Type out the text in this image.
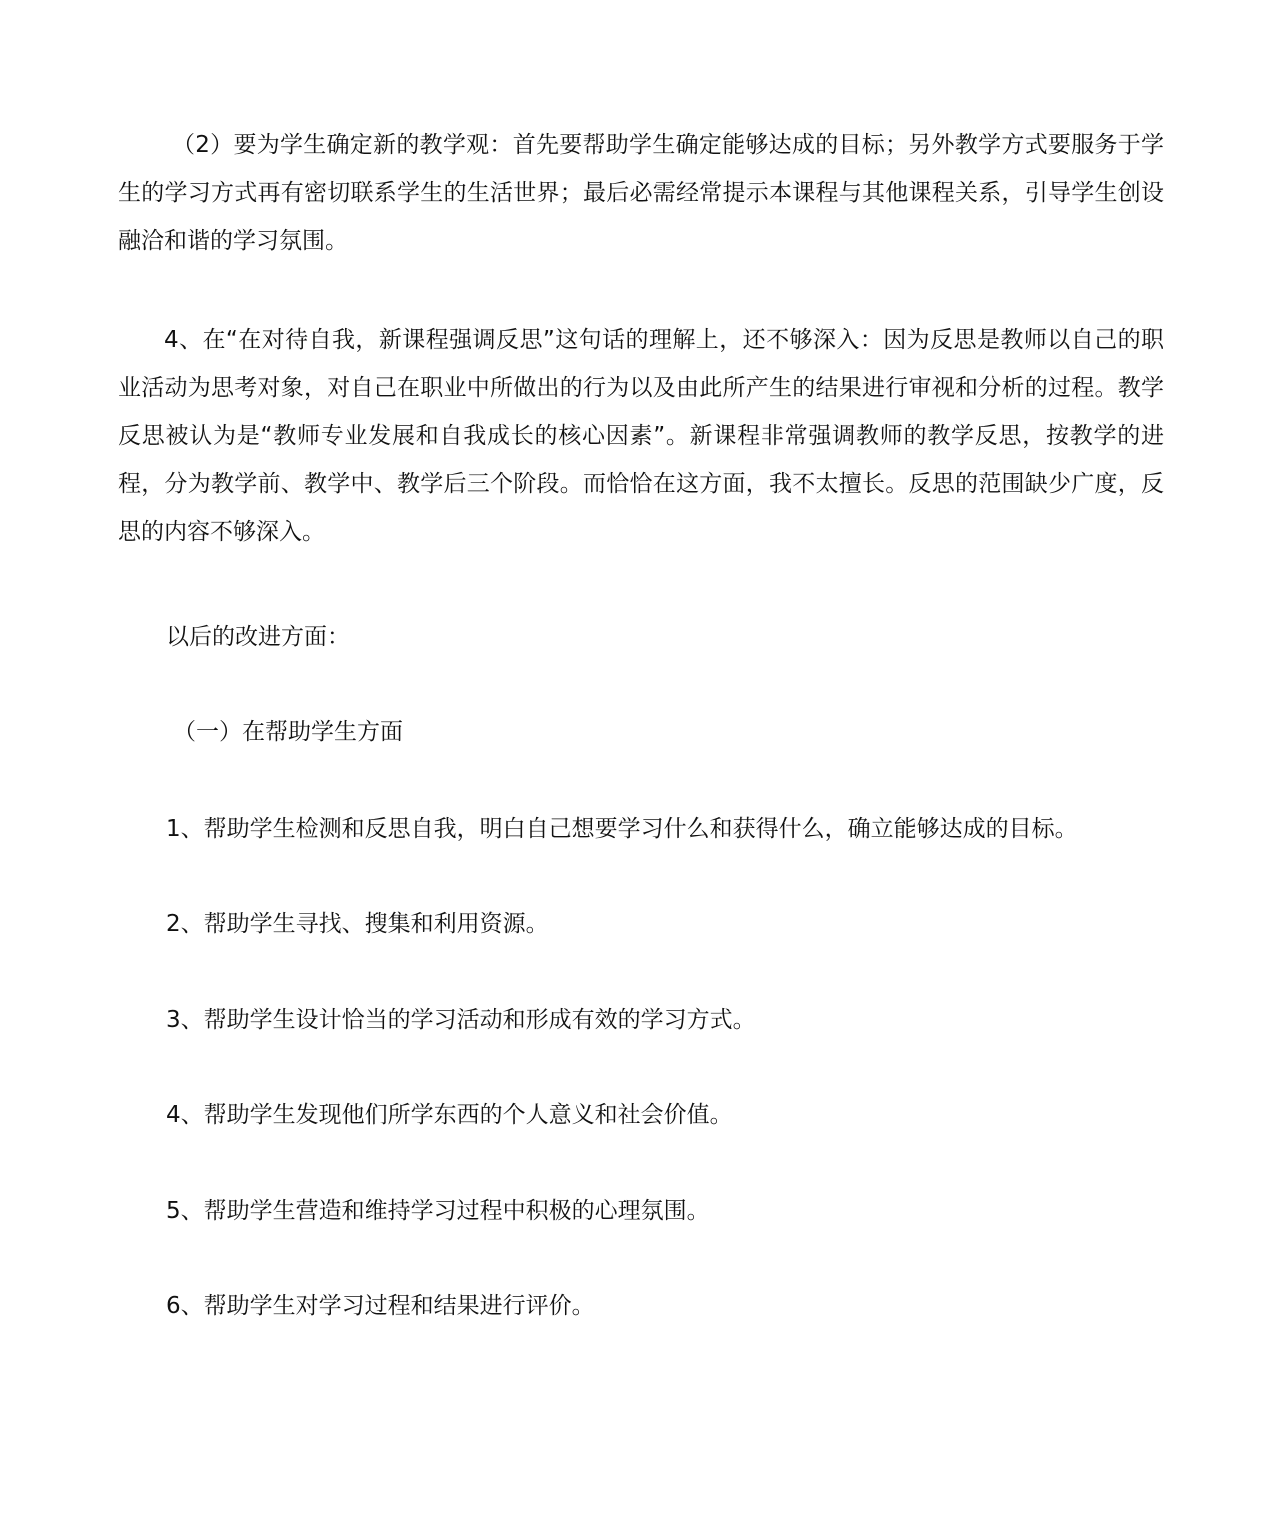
（2）要为学生确定新的教学观：首先要帮助学生确定能够达成的目标；另外教学方式要服务于学生的学习方式再有密切联系学生的生活世界；最后必需经常提示本课程与其他课程关系，引导学生创设融洽和谐的学习氛围。

4、在“在对待自我，新课程强调反思”这句话的理解上，还不够深入：因为反思是教师以自己的职业活动为思考对象，对自己在职业中所做出的行为以及由此所产生的结果进行审视和分析的过程。教学反思被认为是“教师专业发展和自我成长的核心因素”。新课程非常强调教师的教学反思，按教学的进程，分为教学前、教学中、教学后三个阶段。而恰恰在这方面，我不太擅长。反思的范围缺少广度，反思的内容不够深入。

以后的改进方面：

（一）在帮助学生方面

1、帮助学生检测和反思自我，明白自己想要学习什么和获得什么，确立能够达成的目标。

2、帮助学生寻找、搜集和利用资源。

3、帮助学生设计恰当的学习活动和形成有效的学习方式。

4、帮助学生发现他们所学东西的个人意义和社会价值。

5、帮助学生营造和维持学习过程中积极的心理氛围。

6、帮助学生对学习过程和结果进行评价。
